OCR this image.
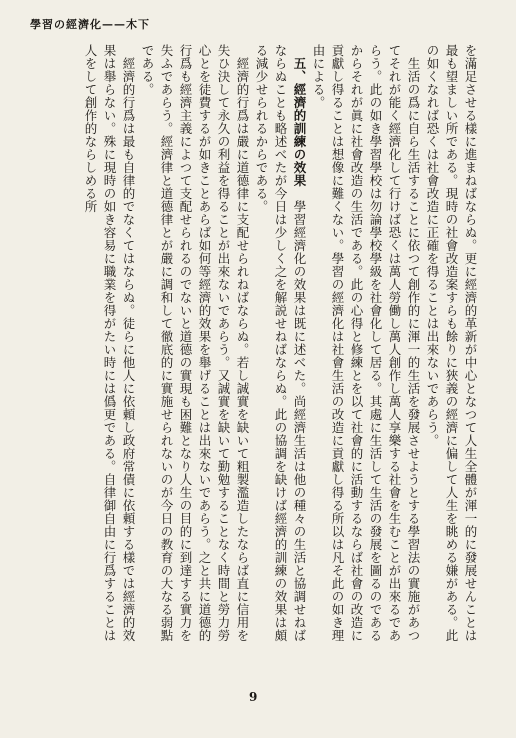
學習の經濟化——木下

を滿足させる樣に進まねばならぬ。更に經濟的革新が中心となつて人生全體が渾一的に發展せんことは最も望ましい所である。現時の社會改造案すらも餘りに狹義の經濟に偏して人生を眺める嫌がある。此の如くなれば恐くは社會改造に正確を得ることは出來ないであらう。

生活の爲に自ら生活することに依つて創作的に渾一的生活を發展させようとする學習法の實施があつてそれが能く經濟化して行けば恐くは萬人勞働し萬人創作し萬人享樂する社會を生むことが出來るであらう。此の如き學習學校は勿論學校學級を社會化して居る。其處に生活して生活の發展を圖るのであるからそれが眞に社會改造の生活である。此の心得と修練とを以て社會的に活動するならば社會の改造に貢獻し得ることは想像に難くない。學習の經濟化は社會生活の改造に貢獻し得る所以は凡そ此の如き理由による。

五、經濟的訓練の效果　學習經濟化の效果は既に述べた。尚經濟生活は他の種々の生活と協調せねばならぬことも略述べたが今日は少しく之を解説せねばならぬ。此の協調を缺けば經濟的訓練の效果は頗る減少せられるからである。

經濟的行爲は嚴に道德律に支配せられねばならぬ。若し誠實を缺いて粗製濫造したならば直に信用を失ひ決して永久の利益を得ることが出來ないであらう。又誠實を缺いて勤勉することなく時間と勞力勞心とを徒費するが如きことあらば如何等經濟的效果を舉げることは出來ないであらう。之と共に道德的行爲も經濟主義によつて支配せられるのでないと道德の實現も困難となり人生の目的に到達する實力を失ふであらう。經濟律と道德律とが嚴に調和して徹底的に實施せられないのが今日の教育の大なる弱點である。

經濟的行爲は最も自律的でなくてはならぬ。徒らに他人に依頼し政府常債に依頼する樣では經濟的效果は舉らない。殊に現時の如き容易に職業を得がたい時には僞更である。自律御自由に行爲することは人をして創作的ならしめる所

9
